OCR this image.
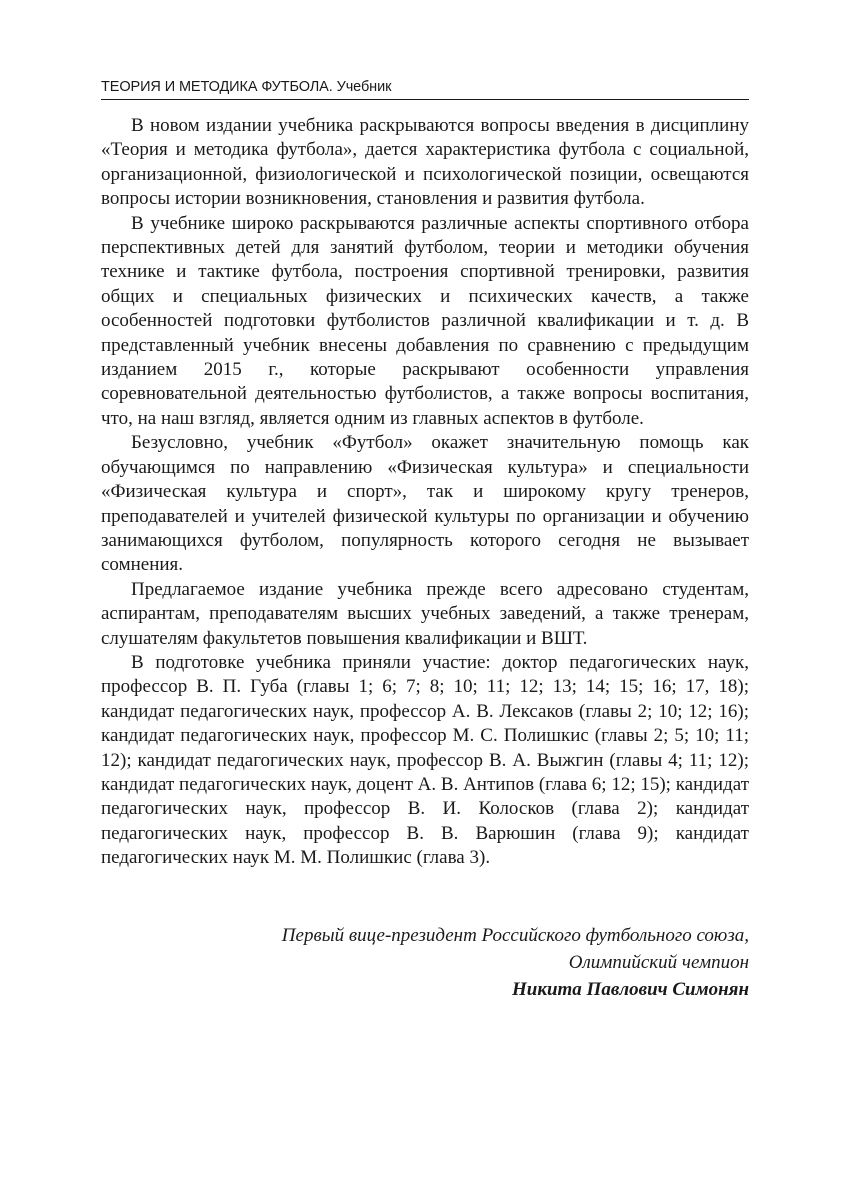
ТЕОРИЯ И МЕТОДИКА ФУТБОЛА. Учебник

В новом издании учебника раскрываются вопросы введения в дисциплину «Теория и методика футбола», дается характеристика футбола с социальной, организационной, физиологической и психологической позиции, освещаются вопросы истории возникновения, становления и развития футбола.

В учебнике широко раскрываются различные аспекты спортивного отбора перспективных детей для занятий футболом, теории и методики обучения технике и тактике футбола, построения спортивной тренировки, развития общих и специальных физических и психических качеств, а также особенностей подготовки футболистов различной квалификации и т. д. В представленный учебник внесены добавления по сравнению с предыдущим изданием 2015 г., которые раскрывают особенности управления соревновательной деятельностью футболистов, а также вопросы воспитания, что, на наш взгляд, является одним из главных аспектов в футболе.

Безусловно, учебник «Футбол» окажет значительную помощь как обучающимся по направлению «Физическая культура» и специальности «Физическая культура и спорт», так и широкому кругу тренеров, преподавателей и учителей физической культуры по организации и обучению занимающихся футболом, популярность которого сегодня не вызывает сомнения.

Предлагаемое издание учебника прежде всего адресовано студентам, аспирантам, преподавателям высших учебных заведений, а также тренерам, слушателям факультетов повышения квалификации и ВШТ.

В подготовке учебника приняли участие: доктор педагогических наук, профессор В. П. Губа (главы 1; 6; 7; 8; 10; 11; 12; 13; 14; 15; 16; 17, 18); кандидат педагогических наук, профессор А. В. Лексаков (главы 2; 10; 12; 16); кандидат педагогических наук, профессор М. С. Полишкис (главы 2; 5; 10; 11; 12); кандидат педагогических наук, профессор В. А. Выжгин (главы 4; 11; 12); кандидат педагогических наук, доцент А. В. Антипов (глава 6; 12; 15); кандидат педагогических наук, профессор В. И. Колосков (глава 2); кандидат педагогических наук, профессор В. В. Варюшин (глава 9); кандидат педагогических наук М. М. Полишкис (глава 3).

Первый вице-президент Российского футбольного союза,
Олимпийский чемпион
Никита Павлович Симонян
